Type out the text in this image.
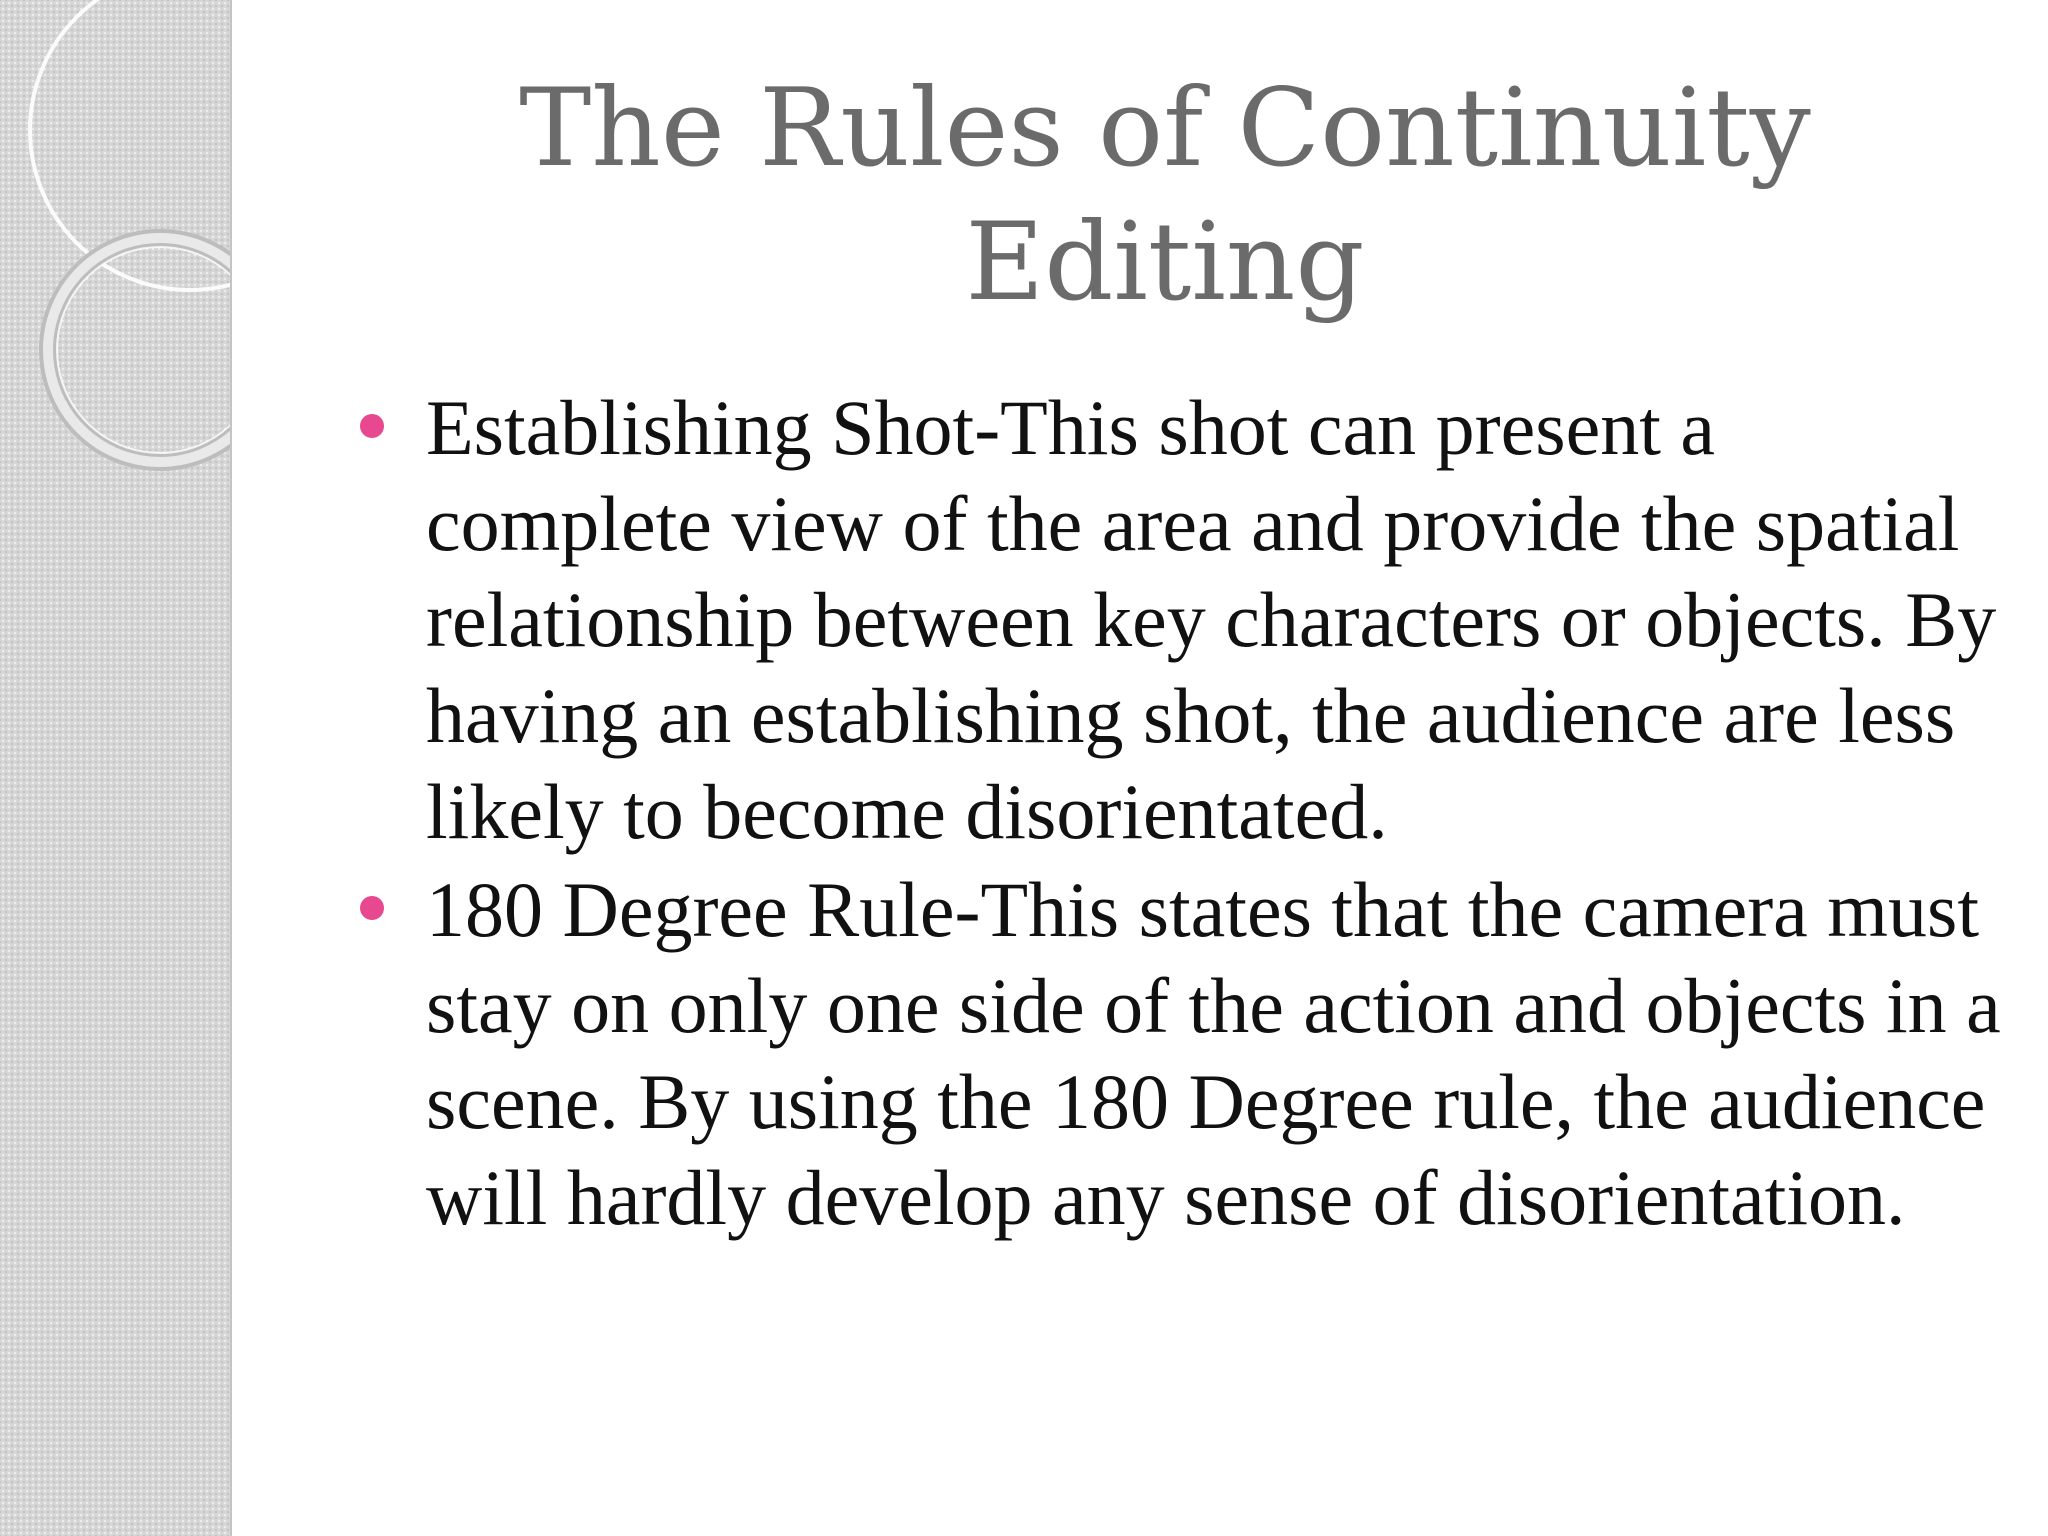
The Rules of Continuity
Editing
Establishing Shot-This shot can present a complete view of the area and provide the spatial relationship between key characters or objects. By having an establishing shot, the audience are less likely to become disorientated.
180 Degree Rule-This states that the camera must stay on only one side of the action and objects in a scene. By using the 180 Degree rule, the audience will hardly develop any sense of disorientation.
